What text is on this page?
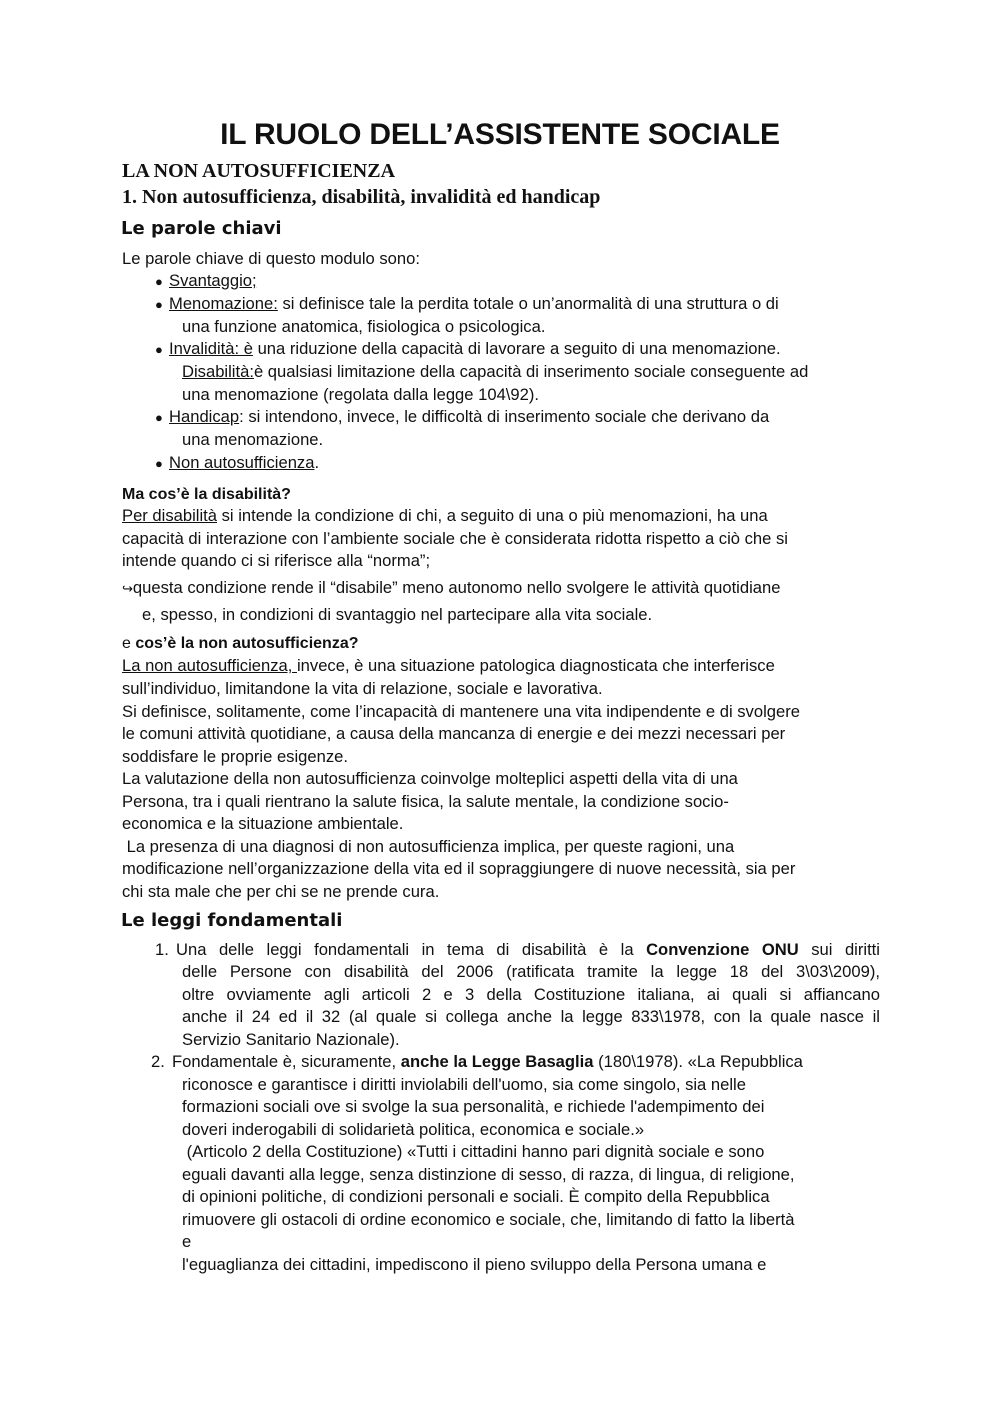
IL RUOLO DELL’ASSISTENTE SOCIALE
LA NON AUTOSUFFICIENZA
1. Non autosufficienza, disabilità, invalidità ed handicap
Le parole chiavi
Le parole chiave di questo modulo sono:
● Svantaggio;
● Menomazione: si definisce tale la perdita totale o un’anormalità di una struttura o di
una funzione anatomica, fisiologica o psicologica.
● Invalidità: è una riduzione della capacità di lavorare a seguito di una menomazione.
Disabilità:è qualsiasi limitazione della capacità di inserimento sociale conseguente ad
una menomazione (regolata dalla legge 104\92).
● Handicap: si intendono, invece, le difficoltà di inserimento sociale che derivano da
una menomazione.
● Non autosufficienza.
Ma cos’è la disabilità?
Per disabilità si intende la condizione di chi, a seguito di una o più menomazioni, ha una
capacità di interazione con l’ambiente sociale che è considerata ridotta rispetto a ciò che si
intende quando ci si riferisce alla “norma”;
↪questa condizione rende il “disabile” meno autonomo nello svolgere le attività quotidiane
e, spesso, in condizioni di svantaggio nel partecipare alla vita sociale.
e cos’è la non autosufficienza?
La non autosufficienza, invece, è una situazione patologica diagnosticata che interferisce
sull’individuo, limitandone la vita di relazione, sociale e lavorativa.
Si definisce, solitamente, come l’incapacità di mantenere una vita indipendente e di svolgere
le comuni attività quotidiane, a causa della mancanza di energie e dei mezzi necessari per
soddisfare le proprie esigenze.
La valutazione della non autosufficienza coinvolge molteplici aspetti della vita di una
Persona, tra i quali rientrano la salute fisica, la salute mentale, la condizione socio-
economica e la situazione ambientale.
La presenza di una diagnosi di non autosufficienza implica, per queste ragioni, una
modificazione nell’organizzazione della vita ed il sopraggiungere di nuove necessità, sia per
chi sta male che per chi se ne prende cura.
Le leggi fondamentali
1. Una delle leggi fondamentali in tema di disabilità è la Convenzione ONU sui diritti
delle Persone con disabilità del 2006 (ratificata tramite la legge 18 del 3\03\2009),
oltre ovviamente agli articoli 2 e 3 della Costituzione italiana, ai quali si affiancano
anche il 24 ed il 32 (al quale si collega anche la legge 833\1978, con la quale nasce il
Servizio Sanitario Nazionale).
2. Fondamentale è, sicuramente, anche la Legge Basaglia (180\1978). «La Repubblica
riconosce e garantisce i diritti inviolabili dell'uomo, sia come singolo, sia nelle
formazioni sociali ove si svolge la sua personalità, e richiede l'adempimento dei
doveri inderogabili di solidarietà politica, economica e sociale.»
(Articolo 2 della Costituzione) «Tutti i cittadini hanno pari dignità sociale e sono
eguali davanti alla legge, senza distinzione di sesso, di razza, di lingua, di religione,
di opinioni politiche, di condizioni personali e sociali. È compito della Repubblica
rimuovere gli ostacoli di ordine economico e sociale, che, limitando di fatto la libertà
e
l'eguaglianza dei cittadini, impediscono il pieno sviluppo della Persona umana e
